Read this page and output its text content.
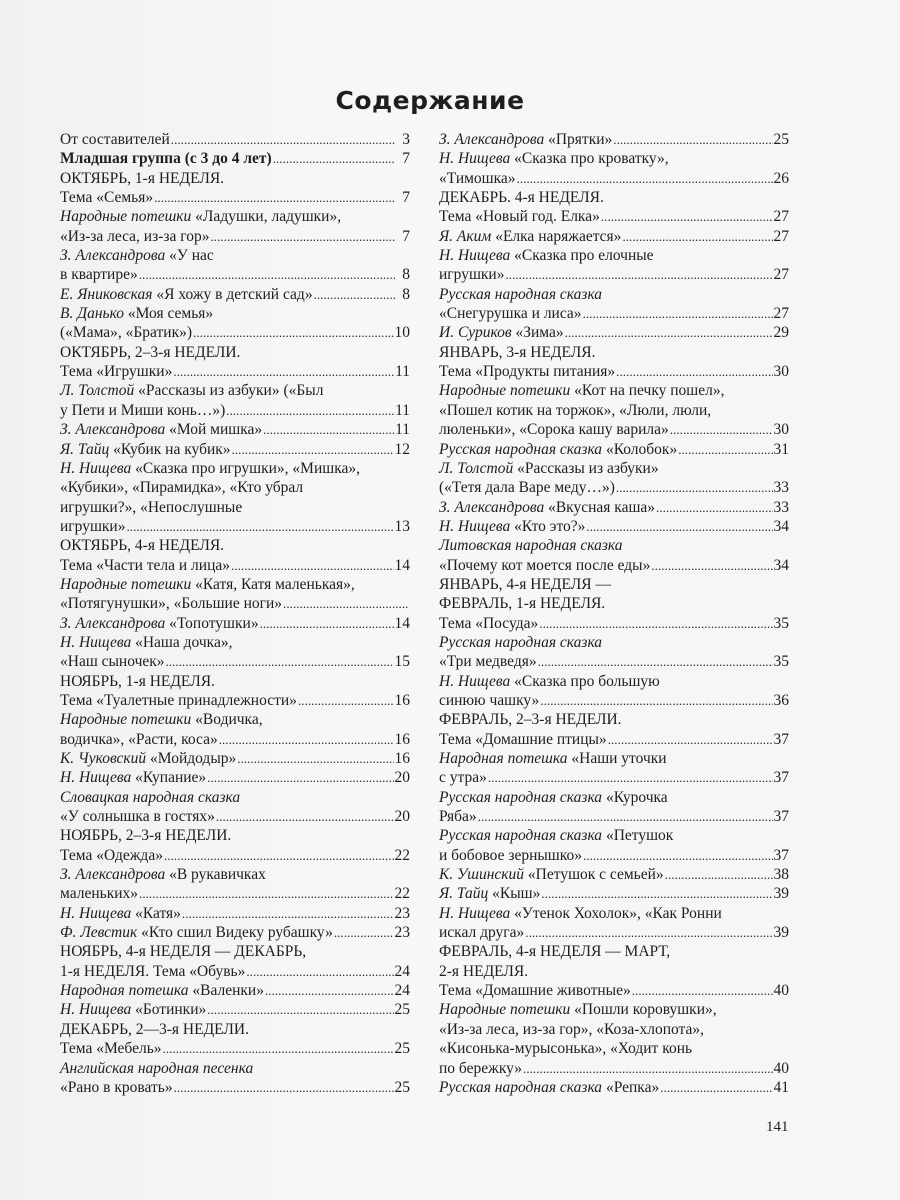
Содержание
От составителей . . .	3
Младшая группа (с 3 до 4 лет) . . .	7
ОКТЯБРЬ, 1-я НЕДЕЛЯ.
Тема «Семья» . . .	7
Народные потешки «Ладушки, ладушки»,
«Из-за леса, из-за гор» . . .	7
З. Александрова «У нас
в квартире» . . .	8
Е. Яниковская «Я хожу в детский сад» . . .	8
В. Данько «Моя семья»
(«Мама», «Братик») . . .	10
ОКТЯБРЬ, 2–3-я НЕДЕЛИ.
Тема «Игрушки» . . .	11
Л. Толстой «Рассказы из азбуки» («Был
у Пети и Миши конь…») . . .	11
З. Александрова «Мой мишка» . . .	11
Я. Тайц «Кубик на кубик» . . .	12
Н. Нищева «Сказка про игрушки», «Мишка»,
«Кубики», «Пирамидка», «Кто убрал
игрушки?», «Непослушные
игрушки» . . .	13
ОКТЯБРЬ, 4-я НЕДЕЛЯ.
Тема «Части тела и лица» . . .	14
Народные потешки «Катя, Катя маленькая»,
«Потягунушки», «Большие ноги»
. . .
З. Александрова «Топотушки» . . .	14
Н. Нищева «Наша дочка»,
«Наш сыночек» . . .	15
НОЯБРЬ, 1-я НЕДЕЛЯ.
Тема «Туалетные принадлежности» . . .	16
Народные потешки «Водичка,
водичка», «Расти, коса» . . .	16
К. Чуковский «Мойдодыр» . . .	16
Н. Нищева «Купание» . . .	20
Словацкая народная сказка
«У солнышка в гостях» . . .	20
НОЯБРЬ, 2–3-я НЕДЕЛИ.
Тема «Одежда» . . .	22
З. Александрова «В рукавичках
маленьких» . . .	22
Н. Нищева «Катя» . . .	23
Ф. Левстик «Кто сшил Видеку рубашку» . . .	23
НОЯБРЬ, 4-я НЕДЕЛЯ — ДЕКАБРЬ,
1-я НЕДЕЛЯ. Тема «Обувь» . . .	24
Народная потешка «Валенки» . . .	24
Н. Нищева «Ботинки» . . .	25
ДЕКАБРЬ, 2—3-я НЕДЕЛИ.
Тема «Мебель» . . .	25
Английская народная песенка
«Рано в кровать» . . .	25
З. Александрова «Прятки» . . .	25
Н. Нищева «Сказка про кроватку»,
«Тимошка» . . .	26
ДЕКАБРЬ. 4-я НЕДЕЛЯ.
Тема «Новый год. Елка» . . .	27
Я. Аким «Елка наряжается» . . .	27
Н. Нищева «Сказка про елочные
игрушки» . . .	27
Русская народная сказка
«Снегурушка и лиса» . . .	27
И. Суриков «Зима» . . .	29
ЯНВАРЬ, 3-я НЕДЕЛЯ.
Тема «Продукты питания» . . .	30
Народные потешки «Кот на печку пошел»,
«Пошел котик на торжок», «Люли, люли,
люленьки», «Сорока кашу варила» . . .	30
Русская народная сказка «Колобок» . . .	31
Л. Толстой «Рассказы из азбуки»
(«Тетя дала Варе меду…») . . .	33
З. Александрова «Вкусная каша» . . .	33
Н. Нищева «Кто это?» . . .	34
Литовская народная сказка
«Почему кот моется после еды» . . .	34
ЯНВАРЬ, 4-я НЕДЕЛЯ —
ФЕВРАЛЬ, 1-я НЕДЕЛЯ.
Тема «Посуда» . . .	35
Русская народная сказка
«Три медведя» . . .	35
Н. Нищева «Сказка про большую
синюю чашку» . . .	36
ФЕВРАЛЬ, 2–3-я НЕДЕЛИ.
Тема «Домашние птицы» . . .	37
Народная потешка «Наши уточки
с утра» . . .	37
Русская народная сказка «Курочка
Ряба» . . .	37
Русская народная сказка «Петушок
и бобовое зернышко» . . .	37
К. Ушинский «Петушок с семьей» . . .	38
Я. Тайц «Кыш» . . .	39
Н. Нищева «Утенок Хохолок», «Как Ронни
искал друга» . . .	39
ФЕВРАЛЬ, 4-я НЕДЕЛЯ — МАРТ,
2-я НЕДЕЛЯ.
Тема «Домашние животные» . . .	40
Народные потешки «Пошли коровушки»,
«Из-за леса, из-за гор», «Коза-хлопота»,
«Кисонька-мурысонька», «Ходит конь
по бережку» . . .	40
Русская народная сказка «Репка» . . .	41
141
